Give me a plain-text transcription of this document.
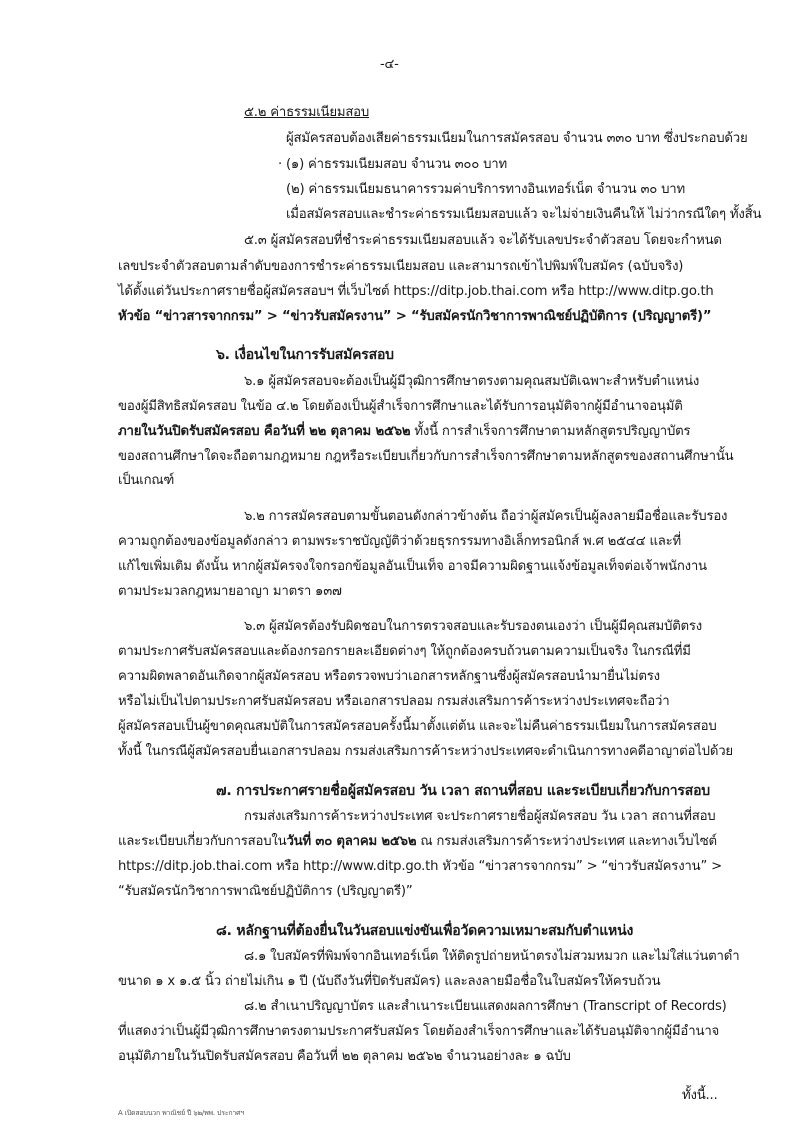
-๔-
๕.๒ ค่าธรรมเนียมสอบ
ผู้สมัครสอบต้องเสียค่าธรรมเนียมในการสมัครสอบ จำนวน ๓๓๐ บาท ซึ่งประกอบด้วย
· (๑) ค่าธรรมเนียมสอบ จำนวน ๓๐๐ บาท
(๒) ค่าธรรมเนียมธนาคารรวมค่าบริการทางอินเทอร์เน็ต จำนวน ๓๐ บาท
เมื่อสมัครสอบและชำระค่าธรรมเนียมสอบแล้ว จะไม่จ่ายเงินคืนให้ ไม่ว่ากรณีใดๆ ทั้งสิ้น
๕.๓ ผู้สมัครสอบที่ชำระค่าธรรมเนียมสอบแล้ว จะได้รับเลขประจำตัวสอบ โดยจะกำหนด
เลขประจำตัวสอบตามลำดับของการชำระค่าธรรมเนียมสอบ และสามารถเข้าไปพิมพ์ใบสมัคร (ฉบับจริง)
ได้ตั้งแต่วันประกาศรายชื่อผู้สมัครสอบฯ ที่เว็บไซต์ https://ditp.job.thai.com หรือ http://www.ditp.go.th
หัวข้อ “ข่าวสารจากกรม” > “ข่าวรับสมัครงาน” > “รับสมัครนักวิชาการพาณิชย์ปฏิบัติการ (ปริญญาตรี)”
๖. เงื่อนไขในการรับสมัครสอบ
๖.๑ ผู้สมัครสอบจะต้องเป็นผู้มีวุฒิการศึกษาตรงตามคุณสมบัติเฉพาะสำหรับตำแหน่ง
ของผู้มีสิทธิสมัครสอบ ในข้อ ๔.๒ โดยต้องเป็นผู้สำเร็จการศึกษาและได้รับการอนุมัติจากผู้มีอำนาจอนุมัติ
ภายในวันปิดรับสมัครสอบ คือวันที่ ๒๒ ตุลาคม ๒๕๖๒ ทั้งนี้ การสำเร็จการศึกษาตามหลักสูตรปริญญาบัตร
ของสถานศึกษาใดจะถือตามกฎหมาย กฎหรือระเบียบเกี่ยวกับการสำเร็จการศึกษาตามหลักสูตรของสถานศึกษานั้น
เป็นเกณฑ์
๖.๒ การสมัครสอบตามขั้นตอนดังกล่าวข้างต้น ถือว่าผู้สมัครเป็นผู้ลงลายมือชื่อและรับรอง
ความถูกต้องของข้อมูลดังกล่าว ตามพระราชบัญญัติว่าด้วยธุรกรรมทางอิเล็กทรอนิกส์ พ.ศ ๒๕๔๔ และที่
แก้ไขเพิ่มเติม ดังนั้น หากผู้สมัครจงใจกรอกข้อมูลอันเป็นเท็จ อาจมีความผิดฐานแจ้งข้อมูลเท็จต่อเจ้าพนักงาน
ตามประมวลกฎหมายอาญา มาตรา ๑๓๗
๖.๓ ผู้สมัครต้องรับผิดชอบในการตรวจสอบและรับรองตนเองว่า เป็นผู้มีคุณสมบัติตรง
ตามประกาศรับสมัครสอบและต้องกรอกรายละเอียดต่างๆ ให้ถูกต้องครบถ้วนตามความเป็นจริง ในกรณีที่มี
ความผิดพลาดอันเกิดจากผู้สมัครสอบ หรือตรวจพบว่าเอกสารหลักฐานซึ่งผู้สมัครสอบนำมายื่นไม่ตรง
หรือไม่เป็นไปตามประกาศรับสมัครสอบ หรือเอกสารปลอม กรมส่งเสริมการค้าระหว่างประเทศจะถือว่า
ผู้สมัครสอบเป็นผู้ขาดคุณสมบัติในการสมัครสอบครั้งนี้มาตั้งแต่ต้น และจะไม่คืนค่าธรรมเนียมในการสมัครสอบ
ทั้งนี้ ในกรณีผู้สมัครสอบยื่นเอกสารปลอม กรมส่งเสริมการค้าระหว่างประเทศจะดำเนินการทางคดีอาญาต่อไปด้วย
๗. การประกาศรายชื่อผู้สมัครสอบ วัน เวลา สถานที่สอบ และระเบียบเกี่ยวกับการสอบ
กรมส่งเสริมการค้าระหว่างประเทศ จะประกาศรายชื่อผู้สมัครสอบ วัน เวลา สถานที่สอบ
และระเบียบเกี่ยวกับการสอบในวันที่ ๓๐ ตุลาคม ๒๕๖๒ ณ กรมส่งเสริมการค้าระหว่างประเทศ และทางเว็บไซต์
https://ditp.job.thai.com หรือ http://www.ditp.go.th หัวข้อ “ข่าวสารจากกรม” > “ข่าวรับสมัครงาน” >
“รับสมัครนักวิชาการพาณิชย์ปฏิบัติการ (ปริญญาตรี)”
๘. หลักฐานที่ต้องยื่นในวันสอบแข่งขันเพื่อวัดความเหมาะสมกับตำแหน่ง
๘.๑ ใบสมัครที่พิมพ์จากอินเทอร์เน็ต ให้ติดรูปถ่ายหน้าตรงไม่สวมหมวก และไม่ใส่แว่นตาดำ
ขนาด ๑ x ๑.๕ นิ้ว ถ่ายไม่เกิน ๑ ปี (นับถึงวันที่ปิดรับสมัคร) และลงลายมือชื่อในใบสมัครให้ครบถ้วน
๘.๒ สำเนาปริญญาบัตร และสำเนาระเบียนแสดงผลการศึกษา (Transcript of Records)
ที่แสดงว่าเป็นผู้มีวุฒิการศึกษาตรงตามประกาศรับสมัคร โดยต้องสำเร็จการศึกษาและได้รับอนุมัติจากผู้มีอำนาจ
อนุมัติภายในวันปิดรับสมัครสอบ คือวันที่ ๒๒ ตุลาคม ๒๕๖๒ จำนวนอย่างละ ๑ ฉบับ
ทั้งนี้...
A เปิดสอบนวก พาณิชย์ ปี ๖๒/พพ. ประกาศฯ
